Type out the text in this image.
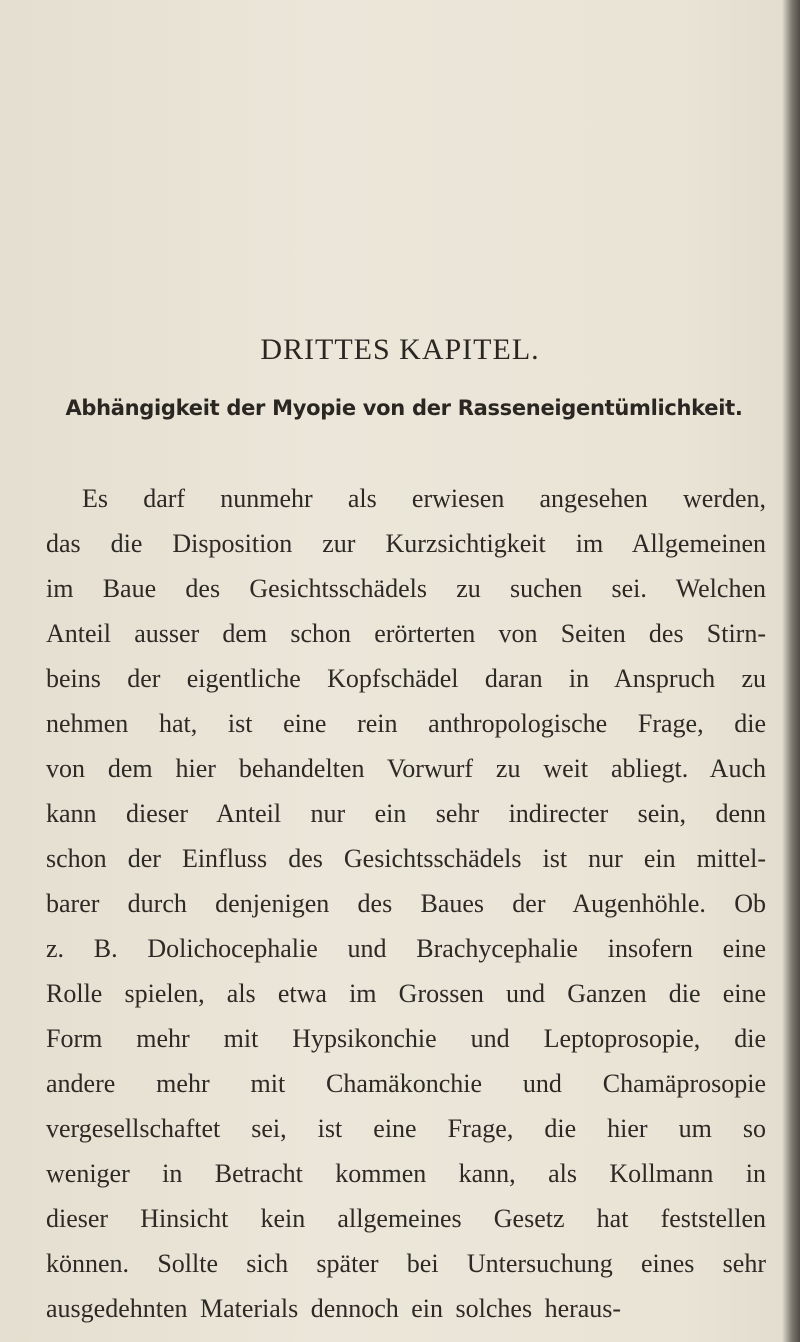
DRITTES KAPITEL.
Abhängigkeit der Myopie von der Rasseneigentümlichkeit.
Es darf nunmehr als erwiesen angesehen werden,
das die Disposition zur Kurzsichtigkeit im Allgemeinen
im Baue des Gesichtsschädels zu suchen sei. Welchen
Anteil ausser dem schon erörterten von Seiten des Stirn-
beins der eigentliche Kopfschädel daran in Anspruch zu
nehmen hat, ist eine rein anthropologische Frage, die
von dem hier behandelten Vorwurf zu weit abliegt. Auch
kann dieser Anteil nur ein sehr indirecter sein, denn
schon der Einfluss des Gesichtsschädels ist nur ein mittel-
barer durch denjenigen des Baues der Augenhöhle. Ob
z. B. Dolichocephalie und Brachycephalie insofern eine
Rolle spielen, als etwa im Grossen und Ganzen die eine
Form mehr mit Hypsikonchie und Leptoprosopie, die
andere mehr mit Chamäkonchie und Chamäprosopie
vergesellschaftet sei, ist eine Frage, die hier um so
weniger in Betracht kommen kann, als Kollmann in
dieser Hinsicht kein allgemeines Gesetz hat feststellen
können. Sollte sich später bei Untersuchung eines sehr
ausgedehnten Materials dennoch ein solches heraus-
